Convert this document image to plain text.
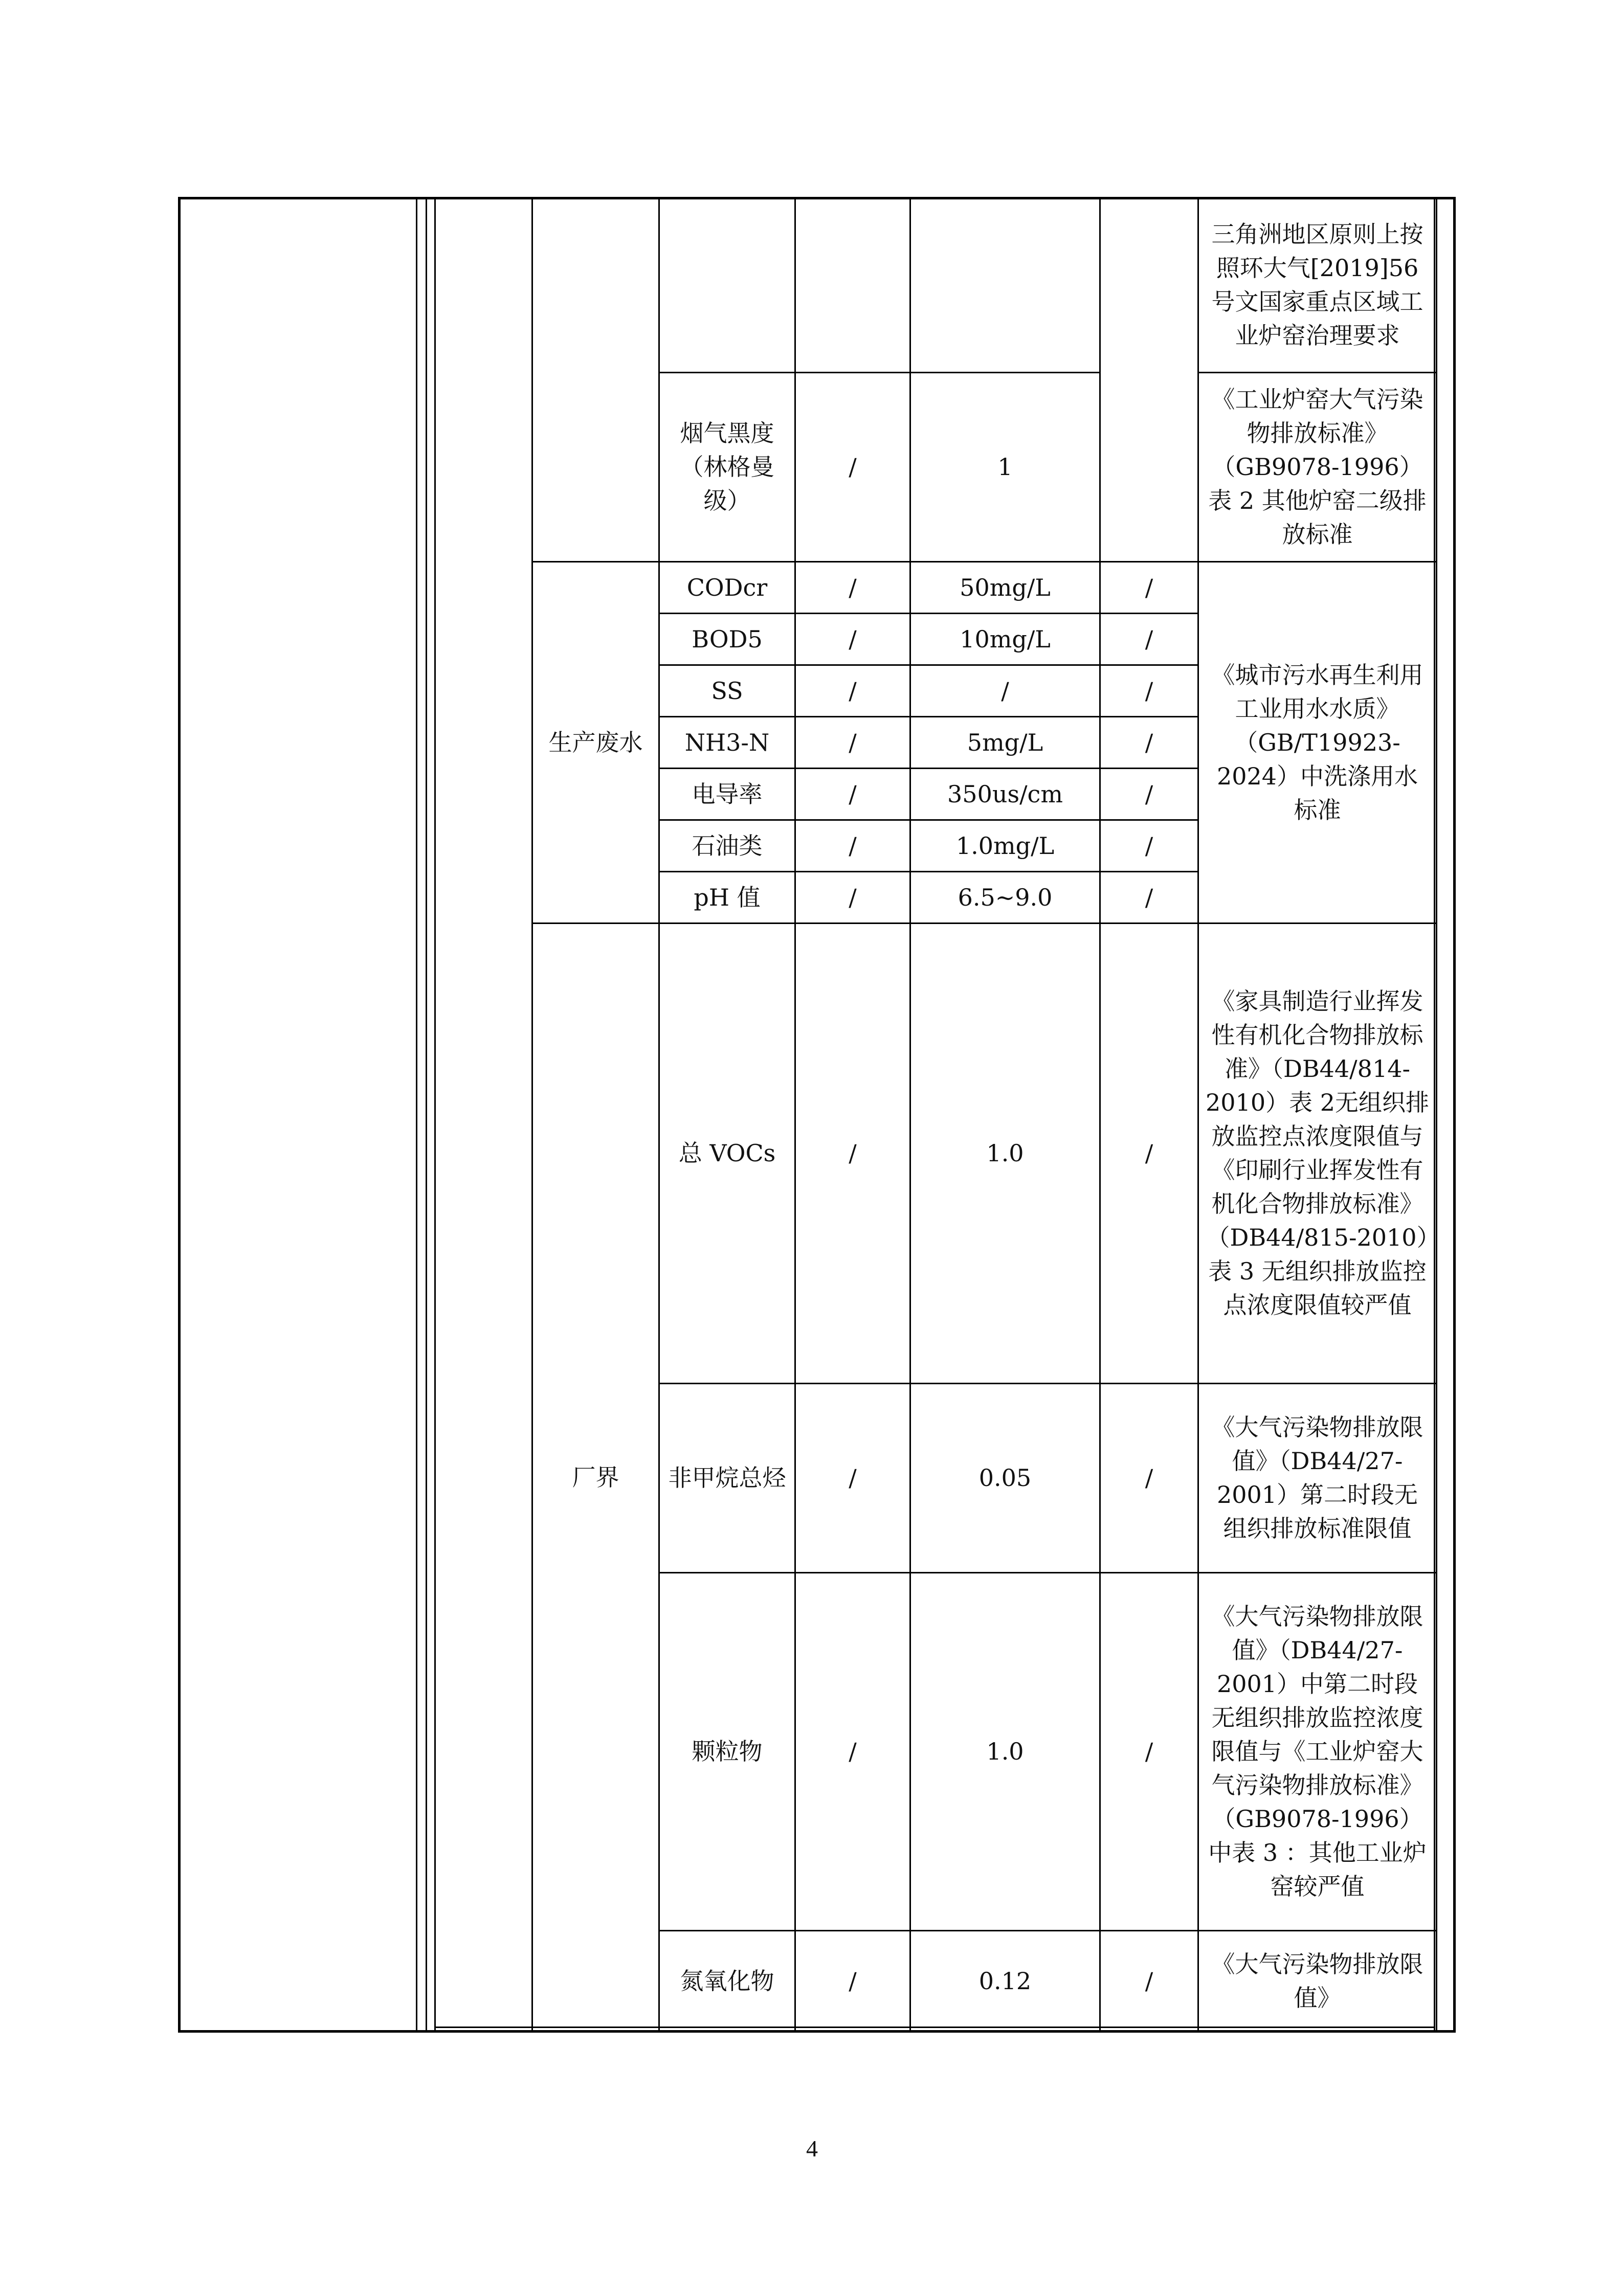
					三角洲地区原则上按照环大气[2019]56 号文国家重点区域工业炉窑治理要求
	烟气黑度（林格曼级）	/	1		《工业炉窑大气污染物排放标准》（GB9078-1996）表 2 其他炉窑二级排放标准
生产废水	CODcr	/	50mg/L	/	《城市污水再生利用 工业用水水质》（GB/T19923-2024）中洗涤用水标准
	BOD5	/	10mg/L	/	
	SS	/	/	/	
	NH3-N	/	5mg/L	/	
	电导率	/	350us/cm	/	
	石油类	/	1.0mg/L	/	
	pH 值	/	6.5~9.0	/	
厂界	总 VOCs	/	1.0	/	《家具制造行业挥发性有机化合物排放标准》（DB44/814-2010）表 2无组织排放监控点浓度限值与《印刷行业挥发性有机化合物排放标准》（DB44/815-2010）表 3 无组织排放监控点浓度限值较严值
	非甲烷总烃	/	0.05	/	《大气污染物排放限值》（DB44/27-2001）第二时段无组织排放标准限值
	颗粒物	/	1.0	/	《大气污染物排放限值》（DB44/27-2001）中第二时段无组织排放监控浓度限值与《工业炉窑大气污染物排放标准》（GB9078-1996）中表 3 ：其他工业炉窑较严值
	氮氧化物	/	0.12	/	《大气污染物排放限值》
4
